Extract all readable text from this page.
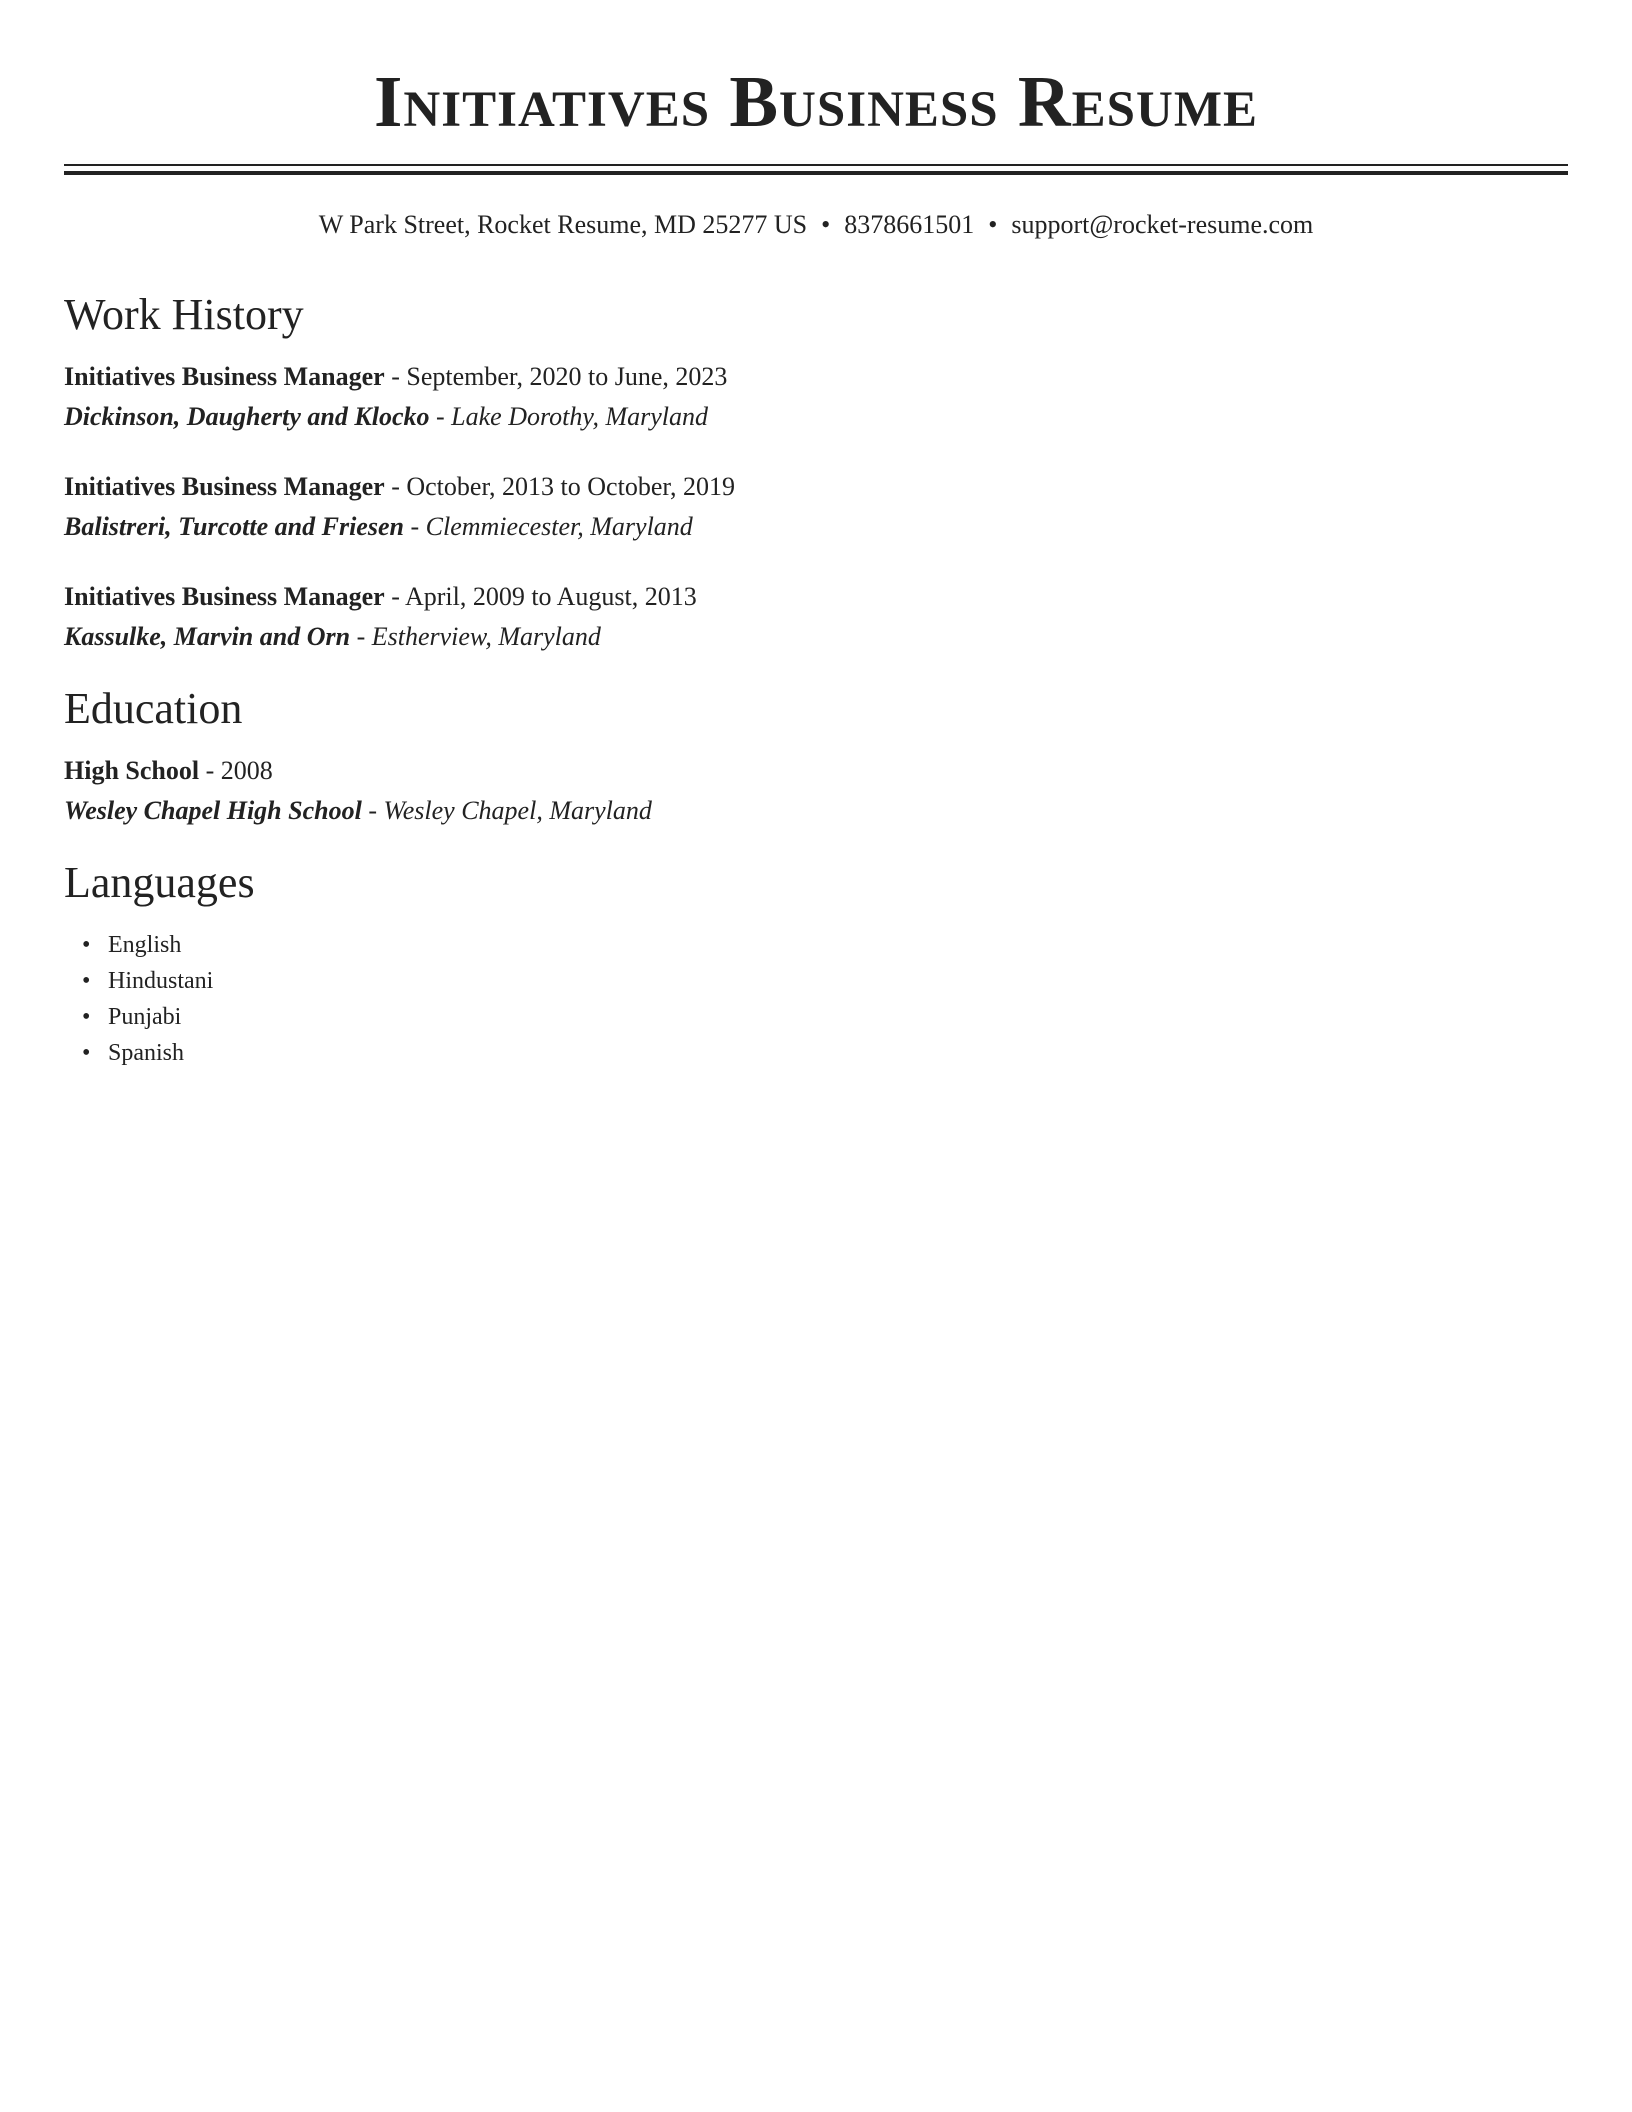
Initiatives Business Resume
W Park Street, Rocket Resume, MD 25277 US • 8378661501 • support@rocket-resume.com
Work History
Initiatives Business Manager - September, 2020 to June, 2023
Dickinson, Daugherty and Klocko - Lake Dorothy, Maryland
Initiatives Business Manager - October, 2013 to October, 2019
Balistreri, Turcotte and Friesen - Clemmiecester, Maryland
Initiatives Business Manager - April, 2009 to August, 2013
Kassulke, Marvin and Orn - Estherview, Maryland
Education
High School - 2008
Wesley Chapel High School - Wesley Chapel, Maryland
Languages
• English
• Hindustani
• Punjabi
• Spanish
